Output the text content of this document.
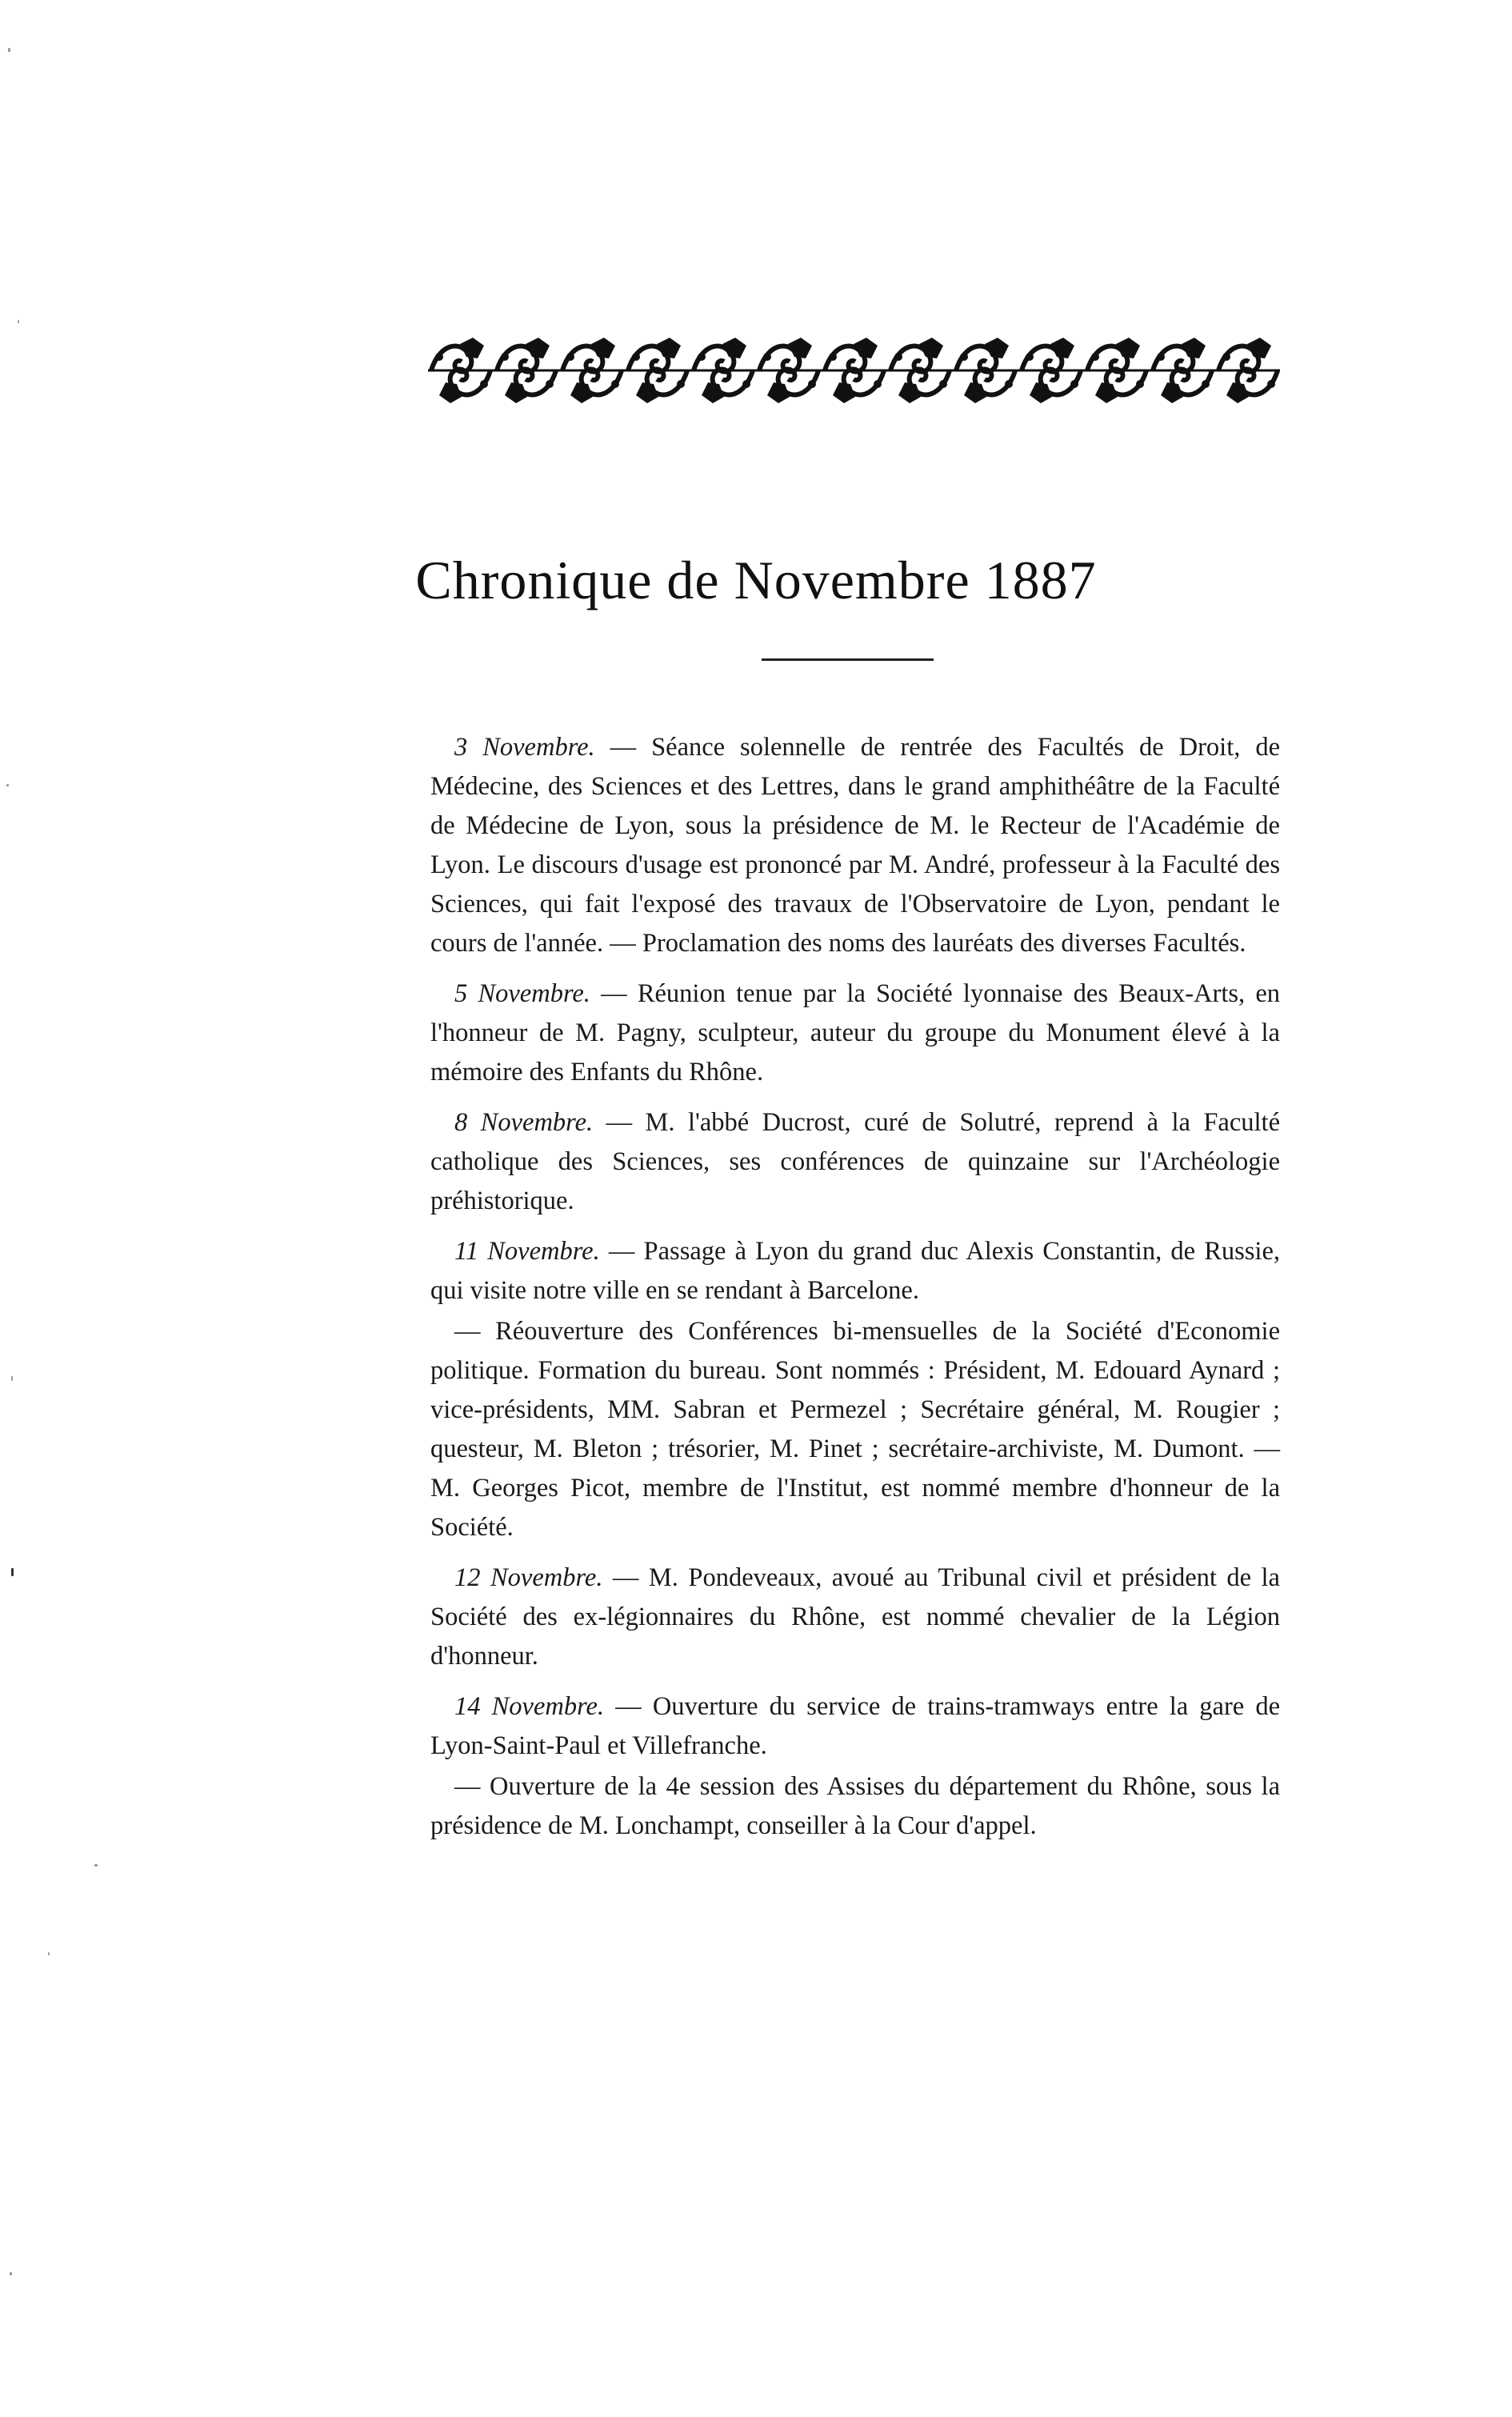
Chronique de Novembre 1887

3 Novembre. — Séance solennelle de rentrée des Facultés de Droit, de Médecine, des Sciences et des Lettres, dans le grand amphithéâtre de la Faculté de Médecine de Lyon, sous la présidence de M. le Recteur de l'Académie de Lyon. Le discours d'usage est prononcé par M. André, professeur à la Faculté des Sciences, qui fait l'exposé des travaux de l'Observatoire de Lyon, pendant le cours de l'année. — Proclamation des noms des lauréats des diverses Facultés.

5 Novembre. — Réunion tenue par la Société lyonnaise des Beaux-Arts, en l'honneur de M. Pagny, sculpteur, auteur du groupe du Monument élevé à la mémoire des Enfants du Rhône.

8 Novembre. — M. l'abbé Ducrost, curé de Solutré, reprend à la Faculté catholique des Sciences, ses conférences de quinzaine sur l'Archéologie préhistorique.

11 Novembre. — Passage à Lyon du grand duc Alexis Constantin, de Russie, qui visite notre ville en se rendant à Barcelone.

— Réouverture des Conférences bi-mensuelles de la Société d'Economie politique. Formation du bureau. Sont nommés : Président, M. Edouard Aynard ; vice-présidents, MM. Sabran et Permezel ; Secrétaire général, M. Rougier ; questeur, M. Bleton ; trésorier, M. Pinet ; secrétaire-archiviste, M. Dumont. — M. Georges Picot, membre de l'Institut, est nommé membre d'honneur de la Société.

12 Novembre. — M. Pondeveaux, avoué au Tribunal civil et président de la Société des ex-légionnaires du Rhône, est nommé chevalier de la Légion d'honneur.

14 Novembre. — Ouverture du service de trains-tramways entre la gare de Lyon-Saint-Paul et Villefranche.

— Ouverture de la 4e session des Assises du département du Rhône, sous la présidence de M. Lonchampt, conseiller à la Cour d'appel.
